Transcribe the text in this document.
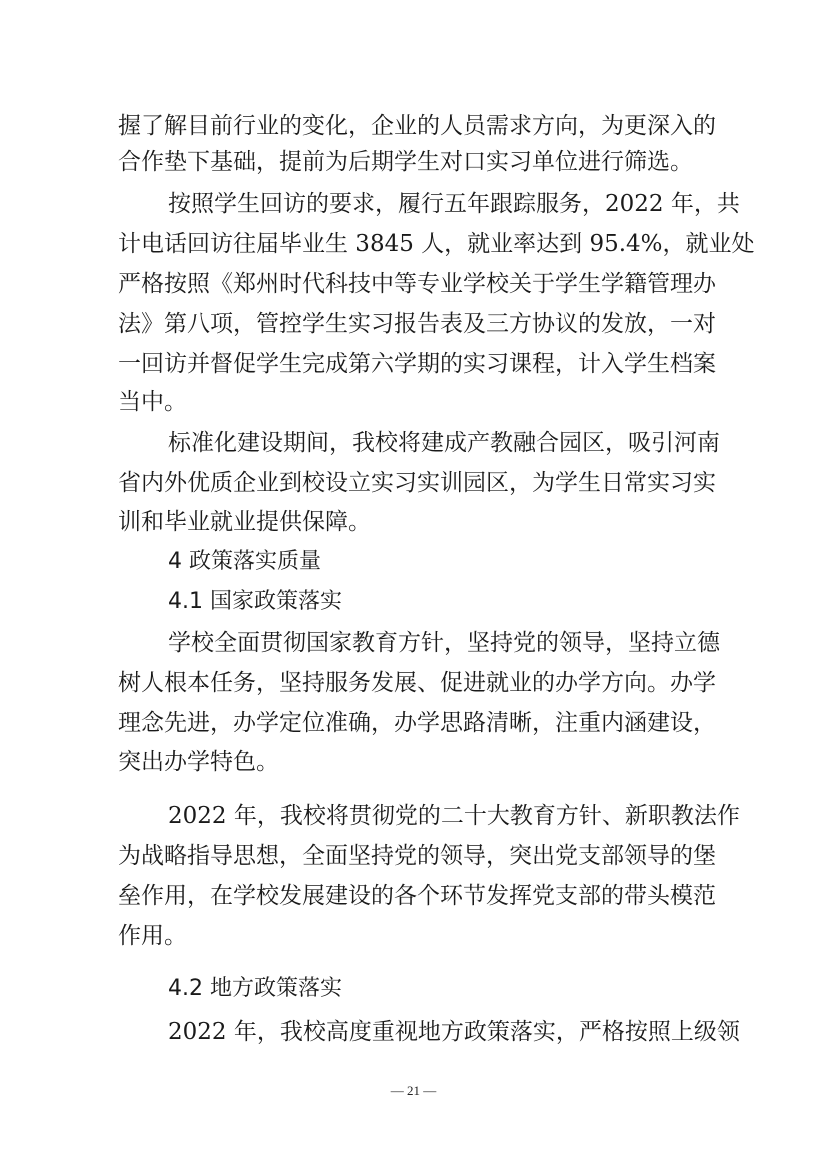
握了解目前行业的变化，企业的人员需求方向，为更深入的
合作垫下基础，提前为后期学生对口实习单位进行筛选。
按照学生回访的要求，履行五年跟踪服务，2022 年，共
计电话回访往届毕业生 3845 人，就业率达到 95.4%，就业处
严格按照《郑州时代科技中等专业学校关于学生学籍管理办
法》第八项，管控学生实习报告表及三方协议的发放，一对
一回访并督促学生完成第六学期的实习课程，计入学生档案
当中。
标准化建设期间，我校将建成产教融合园区，吸引河南
省内外优质企业到校设立实习实训园区，为学生日常实习实
训和毕业就业提供保障。
4 政策落实质量
4.1 国家政策落实
学校全面贯彻国家教育方针，坚持党的领导，坚持立德
树人根本任务，坚持服务发展、促进就业的办学方向。办学
理念先进，办学定位准确，办学思路清晰，注重内涵建设，
突出办学特色。
2022 年，我校将贯彻党的二十大教育方针、新职教法作
为战略指导思想，全面坚持党的领导，突出党支部领导的堡
垒作用，在学校发展建设的各个环节发挥党支部的带头模范
作用。
4.2 地方政策落实
2022 年，我校高度重视地方政策落实，严格按照上级领
— 21 —
